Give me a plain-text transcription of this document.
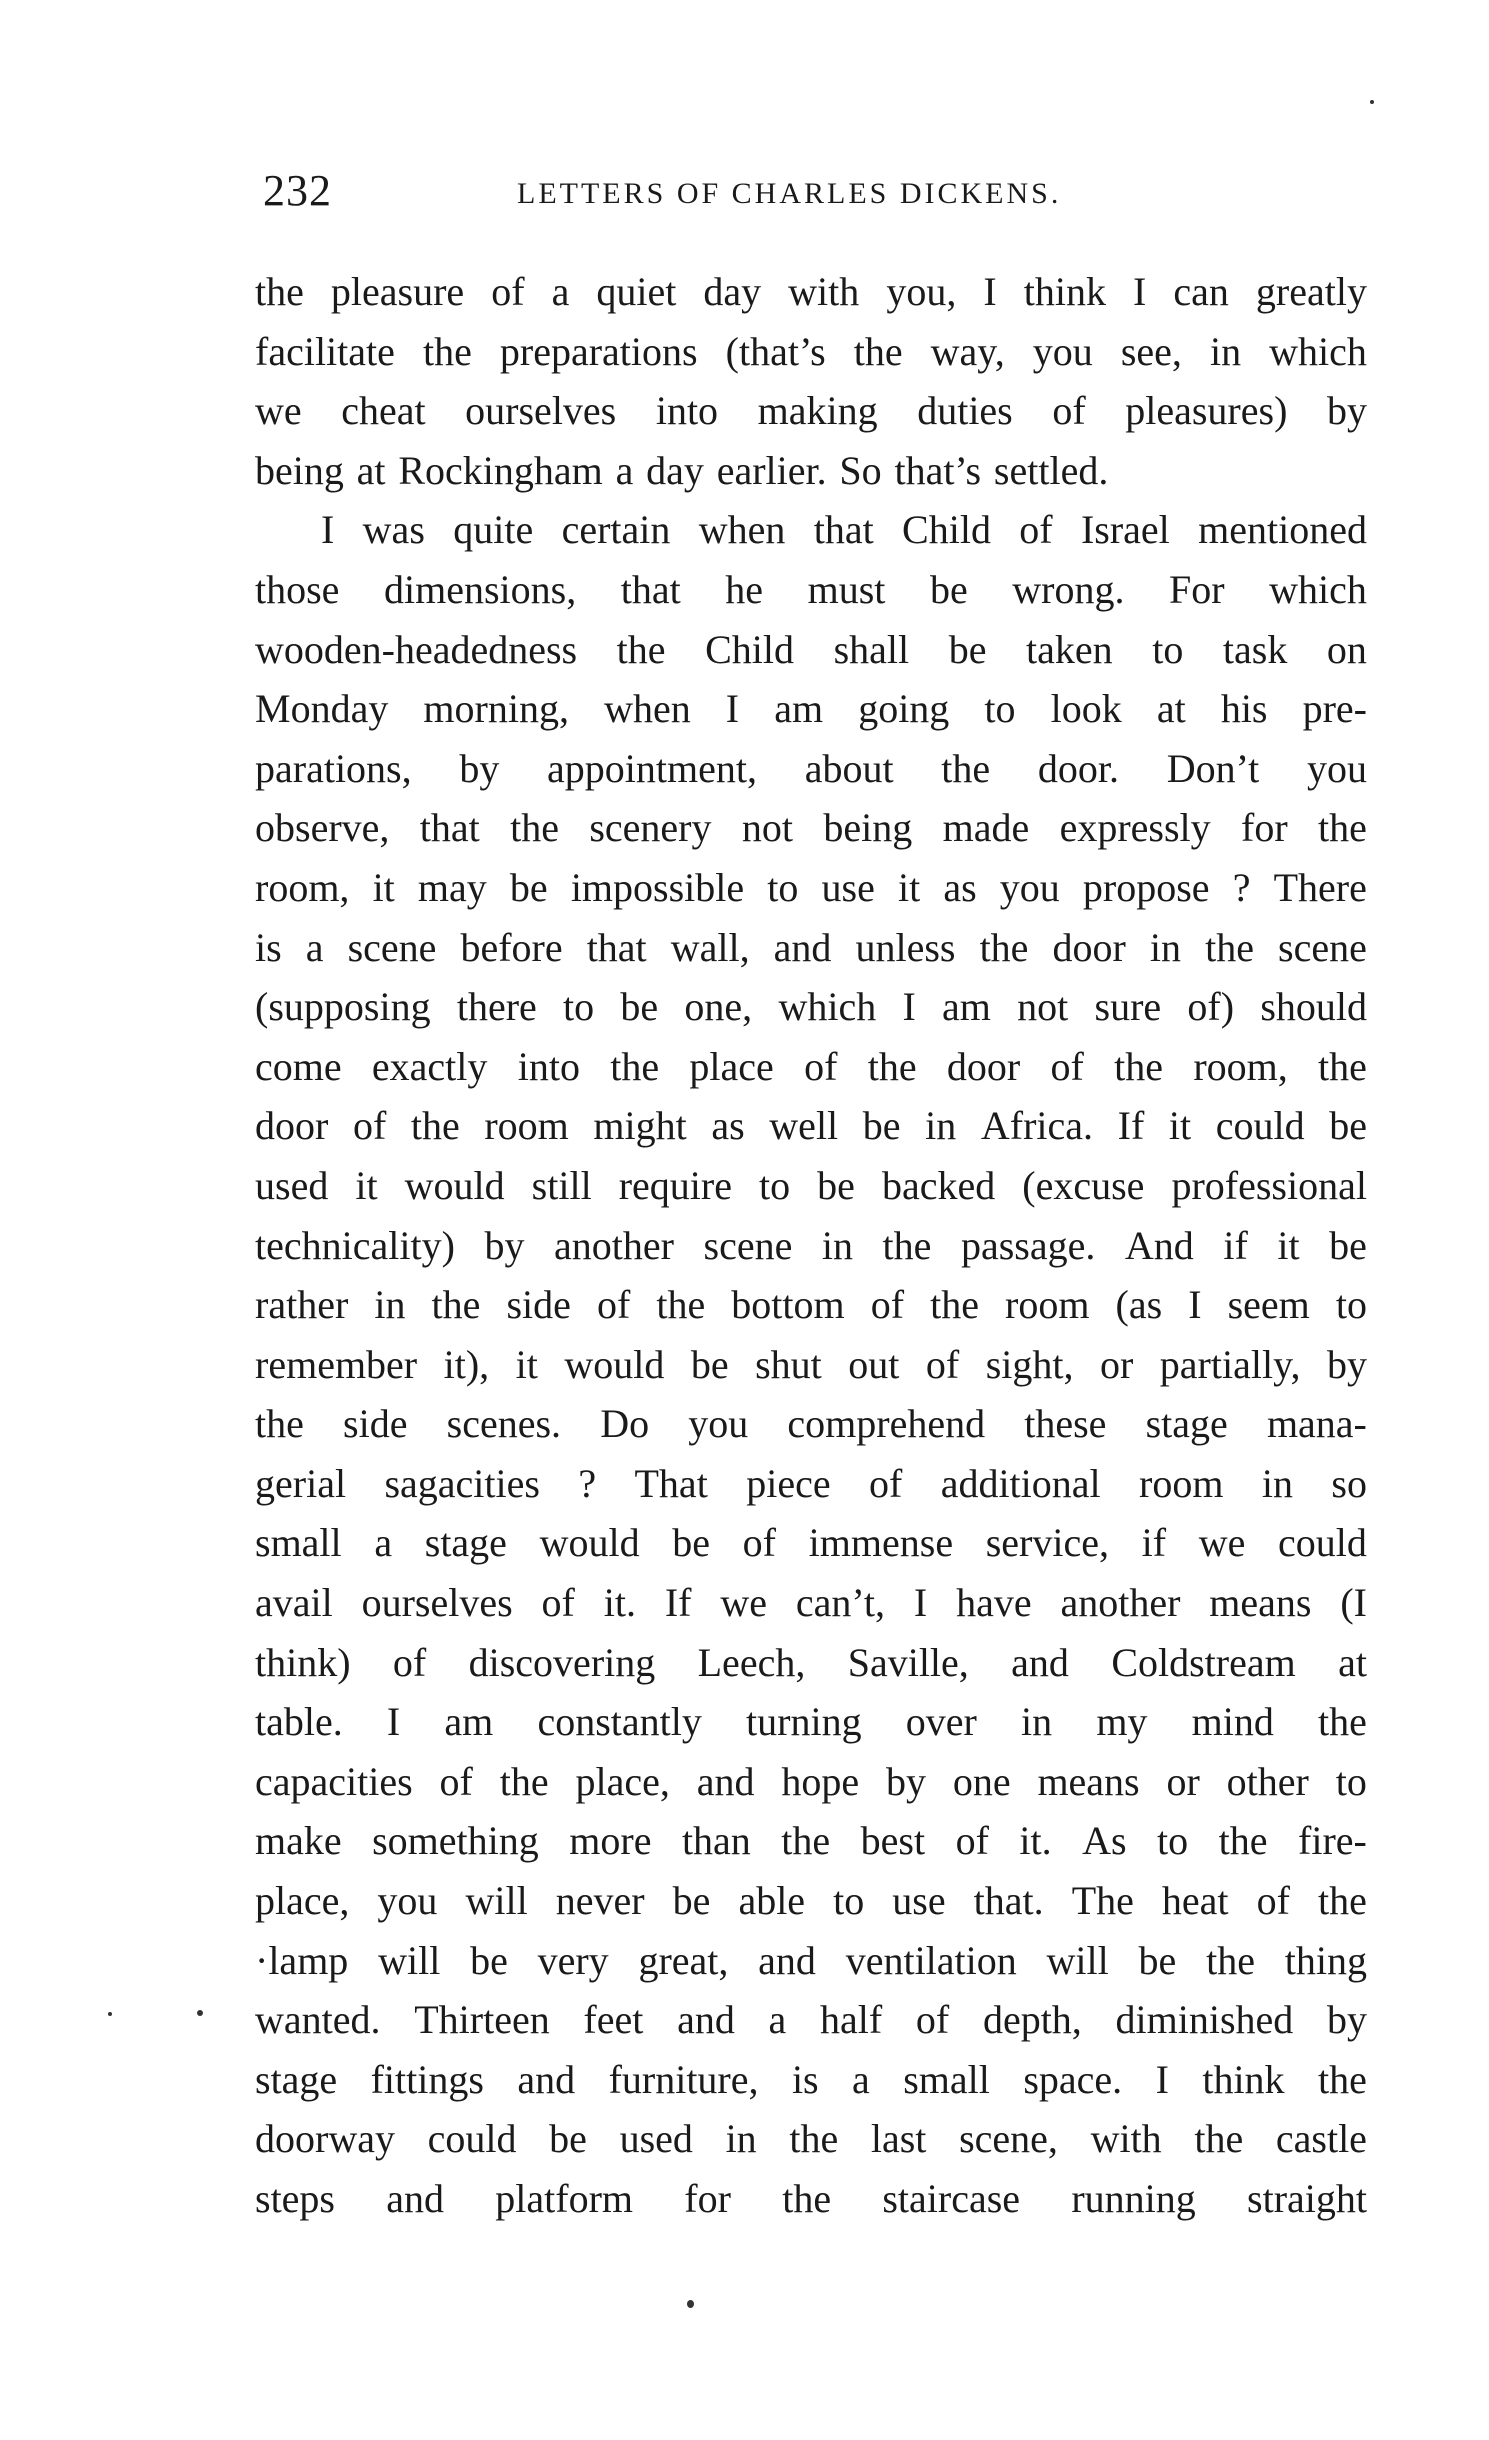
232	LETTERS OF CHARLES DICKENS.
the pleasure of a quiet day with you, I think I can greatly
facilitate the preparations (that’s the way, you see, in which
we cheat ourselves into making duties of pleasures) by
being at Rockingham a day earlier. So that’s settled.
I was quite certain when that Child of Israel mentioned
those dimensions, that he must be wrong. For which
wooden-headedness the Child shall be taken to task on
Monday morning, when I am going to look at his pre-
parations, by appointment, about the door. Don’t you
observe, that the scenery not being made expressly for the
room, it may be impossible to use it as you propose ? There
is a scene before that wall, and unless the door in the scene
(supposing there to be one, which I am not sure of) should
come exactly into the place of the door of the room, the
door of the room might as well be in Africa. If it could be
used it would still require to be backed (excuse professional
technicality) by another scene in the passage. And if it be
rather in the side of the bottom of the room (as I seem to
remember it), it would be shut out of sight, or partially, by
the side scenes. Do you comprehend these stage mana-
gerial sagacities ? That piece of additional room in so
small a stage would be of immense service, if we could
avail ourselves of it. If we can’t, I have another means (I
think) of discovering Leech, Saville, and Coldstream at
table. I am constantly turning over in my mind the
capacities of the place, and hope by one means or other to
make something more than the best of it. As to the fire-
place, you will never be able to use that. The heat of the
·lamp will be very great, and ventilation will be the thing
wanted. Thirteen feet and a half of depth, diminished by
stage fittings and furniture, is a small space. I think the
doorway could be used in the last scene, with the castle
steps and platform for the staircase running straight
